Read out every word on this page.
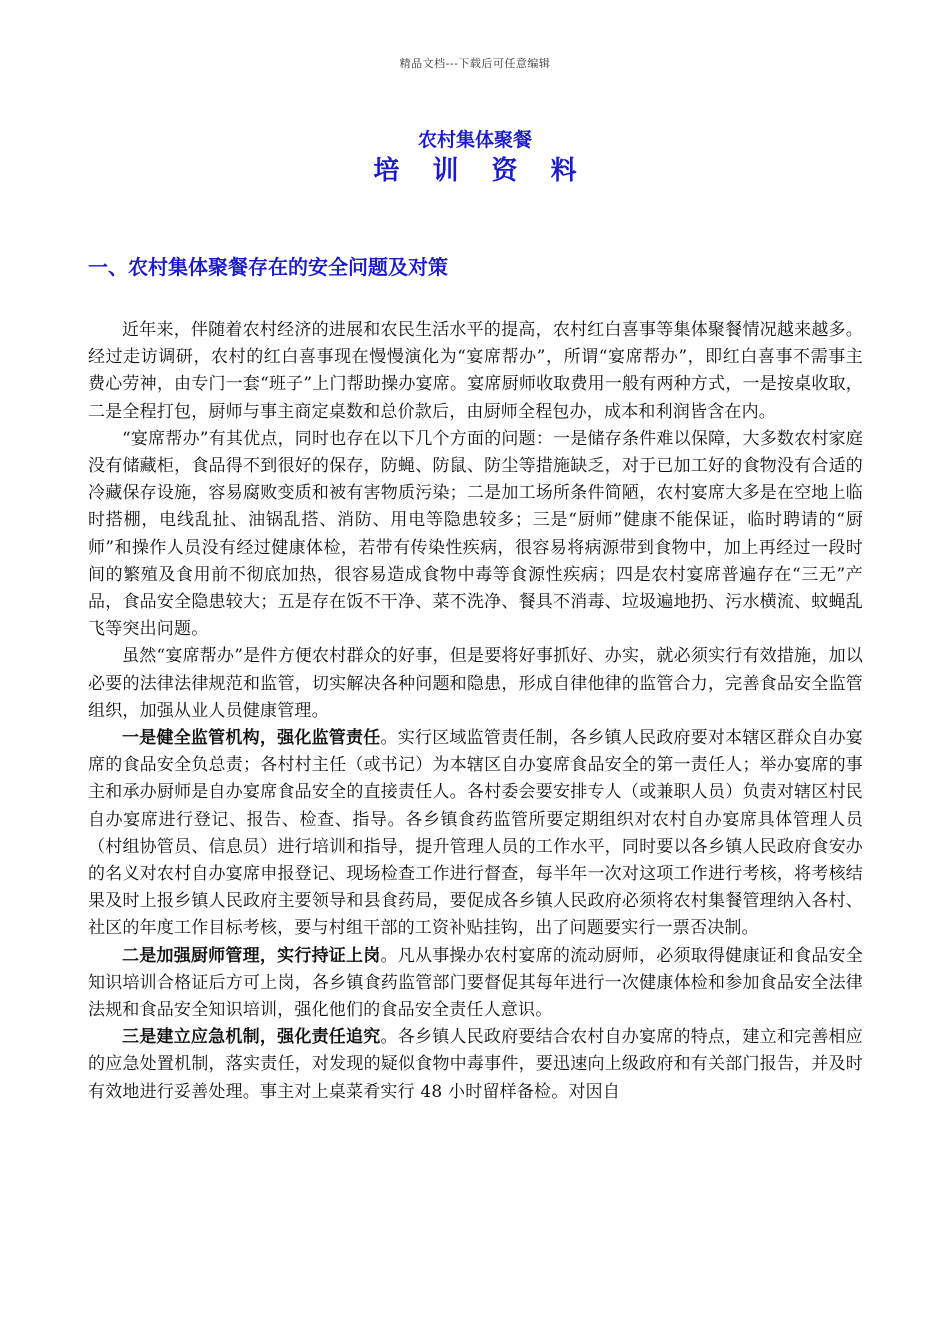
精品文档---下载后可任意编辑
农村集体聚餐
培 训 资 料
一、农村集体聚餐存在的安全问题及对策

近年来，伴随着农村经济的进展和农民生活水平的提高，农村红白喜事等集体聚餐情况越来越多。经过走访调研，农村的红白喜事现在慢慢演化为“宴席帮办”，所谓“宴席帮办”，即红白喜事不需事主费心劳神，由专门一套“班子”上门帮助操办宴席。宴席厨师收取费用一般有两种方式，一是按桌收取，二是全程打包，厨师与事主商定桌数和总价款后，由厨师全程包办，成本和利润皆含在内。

“宴席帮办”有其优点，同时也存在以下几个方面的问题：一是储存条件难以保障，大多数农村家庭没有储藏柜，食品得不到很好的保存，防蝇、防鼠、防尘等措施缺乏，对于已加工好的食物没有合适的冷藏保存设施，容易腐败变质和被有害物质污染；二是加工场所条件简陋，农村宴席大多是在空地上临时搭棚，电线乱扯、油锅乱搭、消防、用电等隐患较多；三是“厨师”健康不能保证，临时聘请的“厨师”和操作人员没有经过健康体检，若带有传染性疾病，很容易将病源带到食物中，加上再经过一段时间的繁殖及食用前不彻底加热，很容易造成食物中毒等食源性疾病；四是农村宴席普遍存在“三无”产品，食品安全隐患较大；五是存在饭不干净、菜不洗净、餐具不消毒、垃圾遍地扔、污水横流、蚊蝇乱飞等突出问题。

虽然“宴席帮办”是件方便农村群众的好事，但是要将好事抓好、办实，就必须实行有效措施，加以必要的法律法律规范和监管，切实解决各种问题和隐患，形成自律他律的监管合力，完善食品安全监管组织，加强从业人员健康管理。

一是健全监管机构，强化监管责任。实行区域监管责任制，各乡镇人民政府要对本辖区群众自办宴席的食品安全负总责；各村村主任（或书记）为本辖区自办宴席食品安全的第一责任人；举办宴席的事主和承办厨师是自办宴席食品安全的直接责任人。各村委会要安排专人（或兼职人员）负责对辖区村民自办宴席进行登记、报告、检查、指导。各乡镇食药监管所要定期组织对农村自办宴席具体管理人员（村组协管员、信息员）进行培训和指导，提升管理人员的工作水平，同时要以各乡镇人民政府食安办的名义对农村自办宴席申报登记、现场检查工作进行督查，每半年一次对这项工作进行考核，将考核结果及时上报乡镇人民政府主要领导和县食药局，要促成各乡镇人民政府必须将农村集餐管理纳入各村、社区的年度工作目标考核，要与村组干部的工资补贴挂钩，出了问题要实行一票否决制。

二是加强厨师管理，实行持证上岗。凡从事操办农村宴席的流动厨师，必须取得健康证和食品安全知识培训合格证后方可上岗，各乡镇食药监管部门要督促其每年进行一次健康体检和参加食品安全法律法规和食品安全知识培训，强化他们的食品安全责任人意识。

三是建立应急机制，强化责任追究。各乡镇人民政府要结合农村自办宴席的特点，建立和完善相应的应急处置机制，落实责任，对发现的疑似食物中毒事件，要迅速向上级政府和有关部门报告，并及时有效地进行妥善处理。事主对上桌菜肴实行 48 小时留样备检。对因自
